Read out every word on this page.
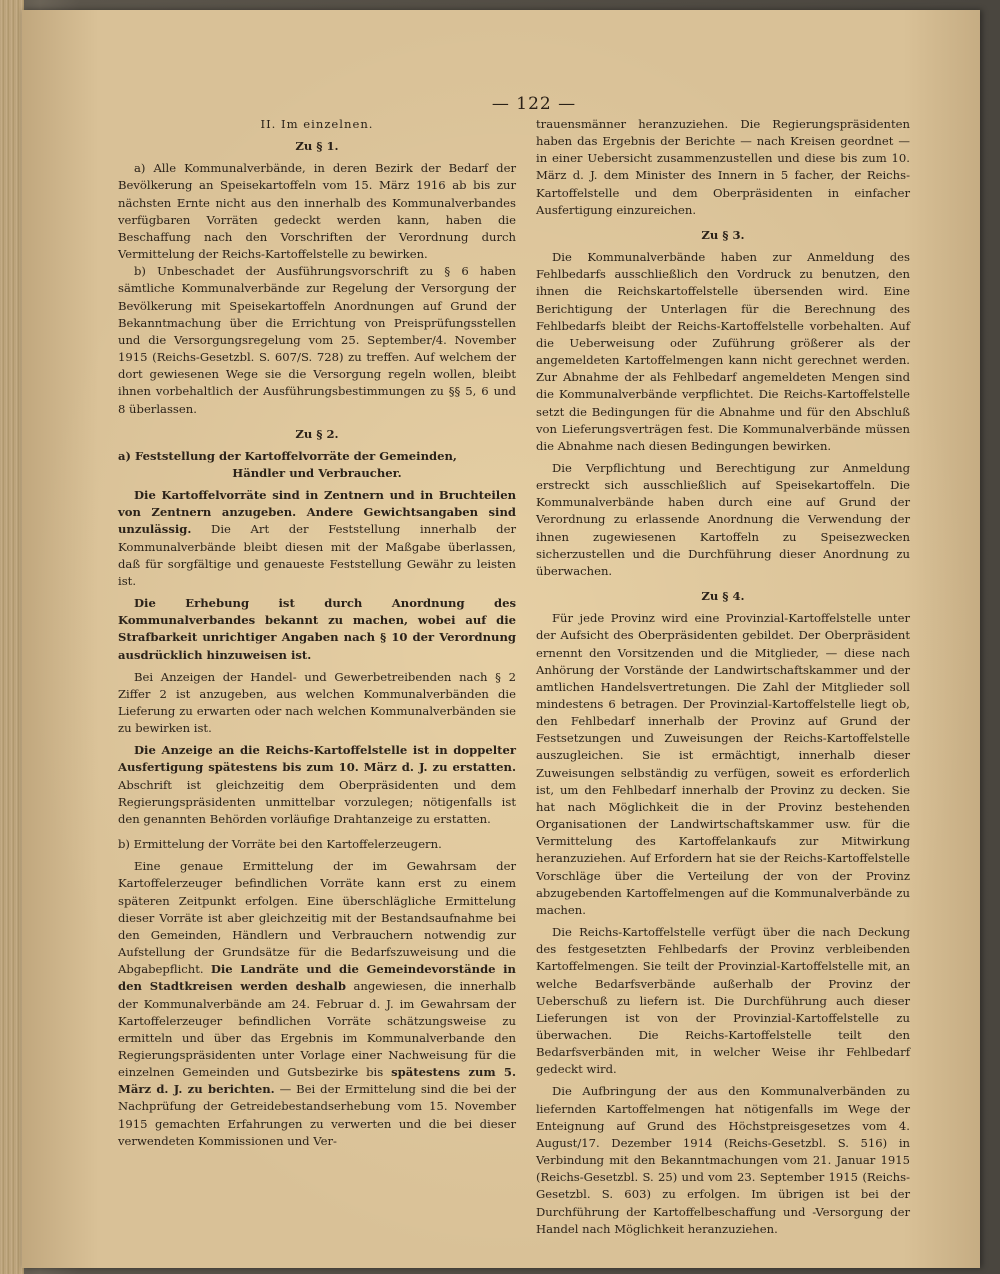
— 122 —
II. Im einzelnen.
Zu § 1.

a) Alle Kommunalverbände, in deren Bezirk der Bedarf der Bevölkerung an Speisekartoffeln vom 15. März 1916 ab bis zur nächsten Ernte nicht aus den innerhalb des Kommunalverbandes verfügbaren Vorräten gedeckt werden kann, haben die Beschaffung nach den Vorschriften der Verordnung durch Vermittelung der Reichs-Kartoffelstelle zu bewirken.

b) Unbeschadet der Ausführungsvorschrift zu § 6 haben sämtliche Kommunalverbände zur Regelung der Versorgung der Bevölkerung mit Speisekartoffeln Anordnungen auf Grund der Bekanntmachung über die Errichtung von Preisprüfungsstellen und die Versorgungsregelung vom 25. September/4. November 1915 (Reichs-Gesetzbl. S. 607/S. 728) zu treffen. Auf welchem der dort gewiesenen Wege sie die Versorgung regeln wollen, bleibt ihnen vorbehaltlich der Ausführungsbestimmungen zu §§ 5, 6 und 8 überlassen.

Zu § 2.

a) Feststellung der Kartoffelvorräte der Gemeinden,

Händler und Verbraucher.

Die Kartoffelvorräte sind in Zentnern und in Bruchteilen von Zentnern anzugeben. Andere Gewichtsangaben sind unzulässig. Die Art der Feststellung innerhalb der Kommunalverbände bleibt diesen mit der Maßgabe überlassen, daß für sorgfältige und genaueste Feststellung Gewähr zu leisten ist.

Die Erhebung ist durch Anordnung des Kommunalverbandes bekannt zu machen, wobei auf die Strafbarkeit unrichtiger Angaben nach § 10 der Verordnung ausdrücklich hinzuweisen ist.

Bei Anzeigen der Handel- und Gewerbetreibenden nach § 2 Ziffer 2 ist anzugeben, aus welchen Kommunalverbänden die Lieferung zu erwarten oder nach welchen Kommunalverbänden sie zu bewirken ist.

Die Anzeige an die Reichs-Kartoffelstelle ist in doppelter Ausfertigung spätestens bis zum 10. März d. J. zu erstatten. Abschrift ist gleichzeitig dem Oberpräsidenten und dem Regierungspräsidenten unmittelbar vorzulegen; nötigenfalls ist den genannten Behörden vorläufige Drahtanzeige zu erstatten.

b) Ermittelung der Vorräte bei den Kartoffelerzeugern.

Eine genaue Ermittelung der im Gewahrsam der Kartoffelerzeuger befindlichen Vorräte kann erst zu einem späteren Zeitpunkt erfolgen. Eine überschlägliche Ermittelung dieser Vorräte ist aber gleichzeitig mit der Bestandsaufnahme bei den Gemeinden, Händlern und Verbrauchern notwendig zur Aufstellung der Grundsätze für die Bedarfszuweisung und die Abgabepflicht. Die Landräte und die Gemeindevorstände in den Stadtkreisen werden deshalb angewiesen, die innerhalb der Kommunalverbände am 24. Februar d. J. im Gewahrsam der Kartoffelerzeuger befindlichen Vorräte schätzungsweise zu ermitteln und über das Ergebnis im Kommunalverbande den Regierungspräsidenten unter Vorlage einer Nachweisung für die einzelnen Gemeinden und Gutsbezirke bis spätestens zum 5. März d. J. zu berichten. — Bei der Ermittelung sind die bei der Nachprüfung der Getreidebestandserhebung vom 15. November 1915 gemachten Erfahrungen zu verwerten und die bei dieser verwendeten Kommissionen und Ver-

trauensmänner heranzuziehen. Die Regierungspräsidenten haben das Ergebnis der Berichte — nach Kreisen geordnet — in einer Uebersicht zusammenzustellen und diese bis zum 10. März d. J. dem Minister des Innern in 5 facher, der Reichs-Kartoffelstelle und dem Oberpräsidenten in einfacher Ausfertigung einzureichen.

Zu § 3.

Die Kommunalverbände haben zur Anmeldung des Fehlbedarfs ausschließlich den Vordruck zu benutzen, den ihnen die Reichskartoffelstelle übersenden wird. Eine Berichtigung der Unterlagen für die Berechnung des Fehlbedarfs bleibt der Reichs-Kartoffelstelle vorbehalten. Auf die Ueberweisung oder Zuführung größerer als der angemeldeten Kartoffelmengen kann nicht gerechnet werden. Zur Abnahme der als Fehlbedarf angemeldeten Mengen sind die Kommunalverbände verpflichtet. Die Reichs-Kartoffelstelle setzt die Bedingungen für die Abnahme und für den Abschluß von Lieferungsverträgen fest. Die Kommunalverbände müssen die Abnahme nach diesen Bedingungen bewirken.

Die Verpflichtung und Berechtigung zur Anmeldung erstreckt sich ausschließlich auf Speisekartoffeln. Die Kommunalverbände haben durch eine auf Grund der Verordnung zu erlassende Anordnung die Verwendung der ihnen zugewiesenen Kartoffeln zu Speisezwecken sicherzustellen und die Durchführung dieser Anordnung zu überwachen.

Zu § 4.

Für jede Provinz wird eine Provinzial-Kartoffelstelle unter der Aufsicht des Oberpräsidenten gebildet. Der Oberpräsident ernennt den Vorsitzenden und die Mitglieder, — diese nach Anhörung der Vorstände der Landwirtschaftskammer und der amtlichen Handelsvertretungen. Die Zahl der Mitglieder soll mindestens 6 betragen. Der Provinzial-Kartoffelstelle liegt ob, den Fehlbedarf innerhalb der Provinz auf Grund der Festsetzungen und Zuweisungen der Reichs-Kartoffelstelle auszugleichen. Sie ist ermächtigt, innerhalb dieser Zuweisungen selbständig zu verfügen, soweit es erforderlich ist, um den Fehlbedarf innerhalb der Provinz zu decken. Sie hat nach Möglichkeit die in der Provinz bestehenden Organisationen der Landwirtschaftskammer usw. für die Vermittelung des Kartoffelankaufs zur Mitwirkung heranzuziehen. Auf Erfordern hat sie der Reichs-Kartoffelstelle Vorschläge über die Verteilung der von der Provinz abzugebenden Kartoffelmengen auf die Kommunalverbände zu machen.

Die Reichs-Kartoffelstelle verfügt über die nach Deckung des festgesetzten Fehlbedarfs der Provinz verbleibenden Kartoffelmengen. Sie teilt der Provinzial-Kartoffelstelle mit, an welche Bedarfsverbände außerhalb der Provinz der Ueberschuß zu liefern ist. Die Durchführung auch dieser Lieferungen ist von der Provinzial-Kartoffelstelle zu überwachen. Die Reichs-Kartoffelstelle teilt den Bedarfsverbänden mit, in welcher Weise ihr Fehlbedarf gedeckt wird.

Die Aufbringung der aus den Kommunalverbänden zu liefernden Kartoffelmengen hat nötigenfalls im Wege der Enteignung auf Grund des Höchstpreisgesetzes vom 4. August/17. Dezember 1914 (Reichs-Gesetzbl. S. 516) in Verbindung mit den Bekanntmachungen vom 21. Januar 1915 (Reichs-Gesetzbl. S. 25) und vom 23. September 1915 (Reichs-Gesetzbl. S. 603) zu erfolgen. Im übrigen ist bei der Durchführung der Kartoffelbeschaffung und -Versorgung der Handel nach Möglichkeit heranzuziehen.
